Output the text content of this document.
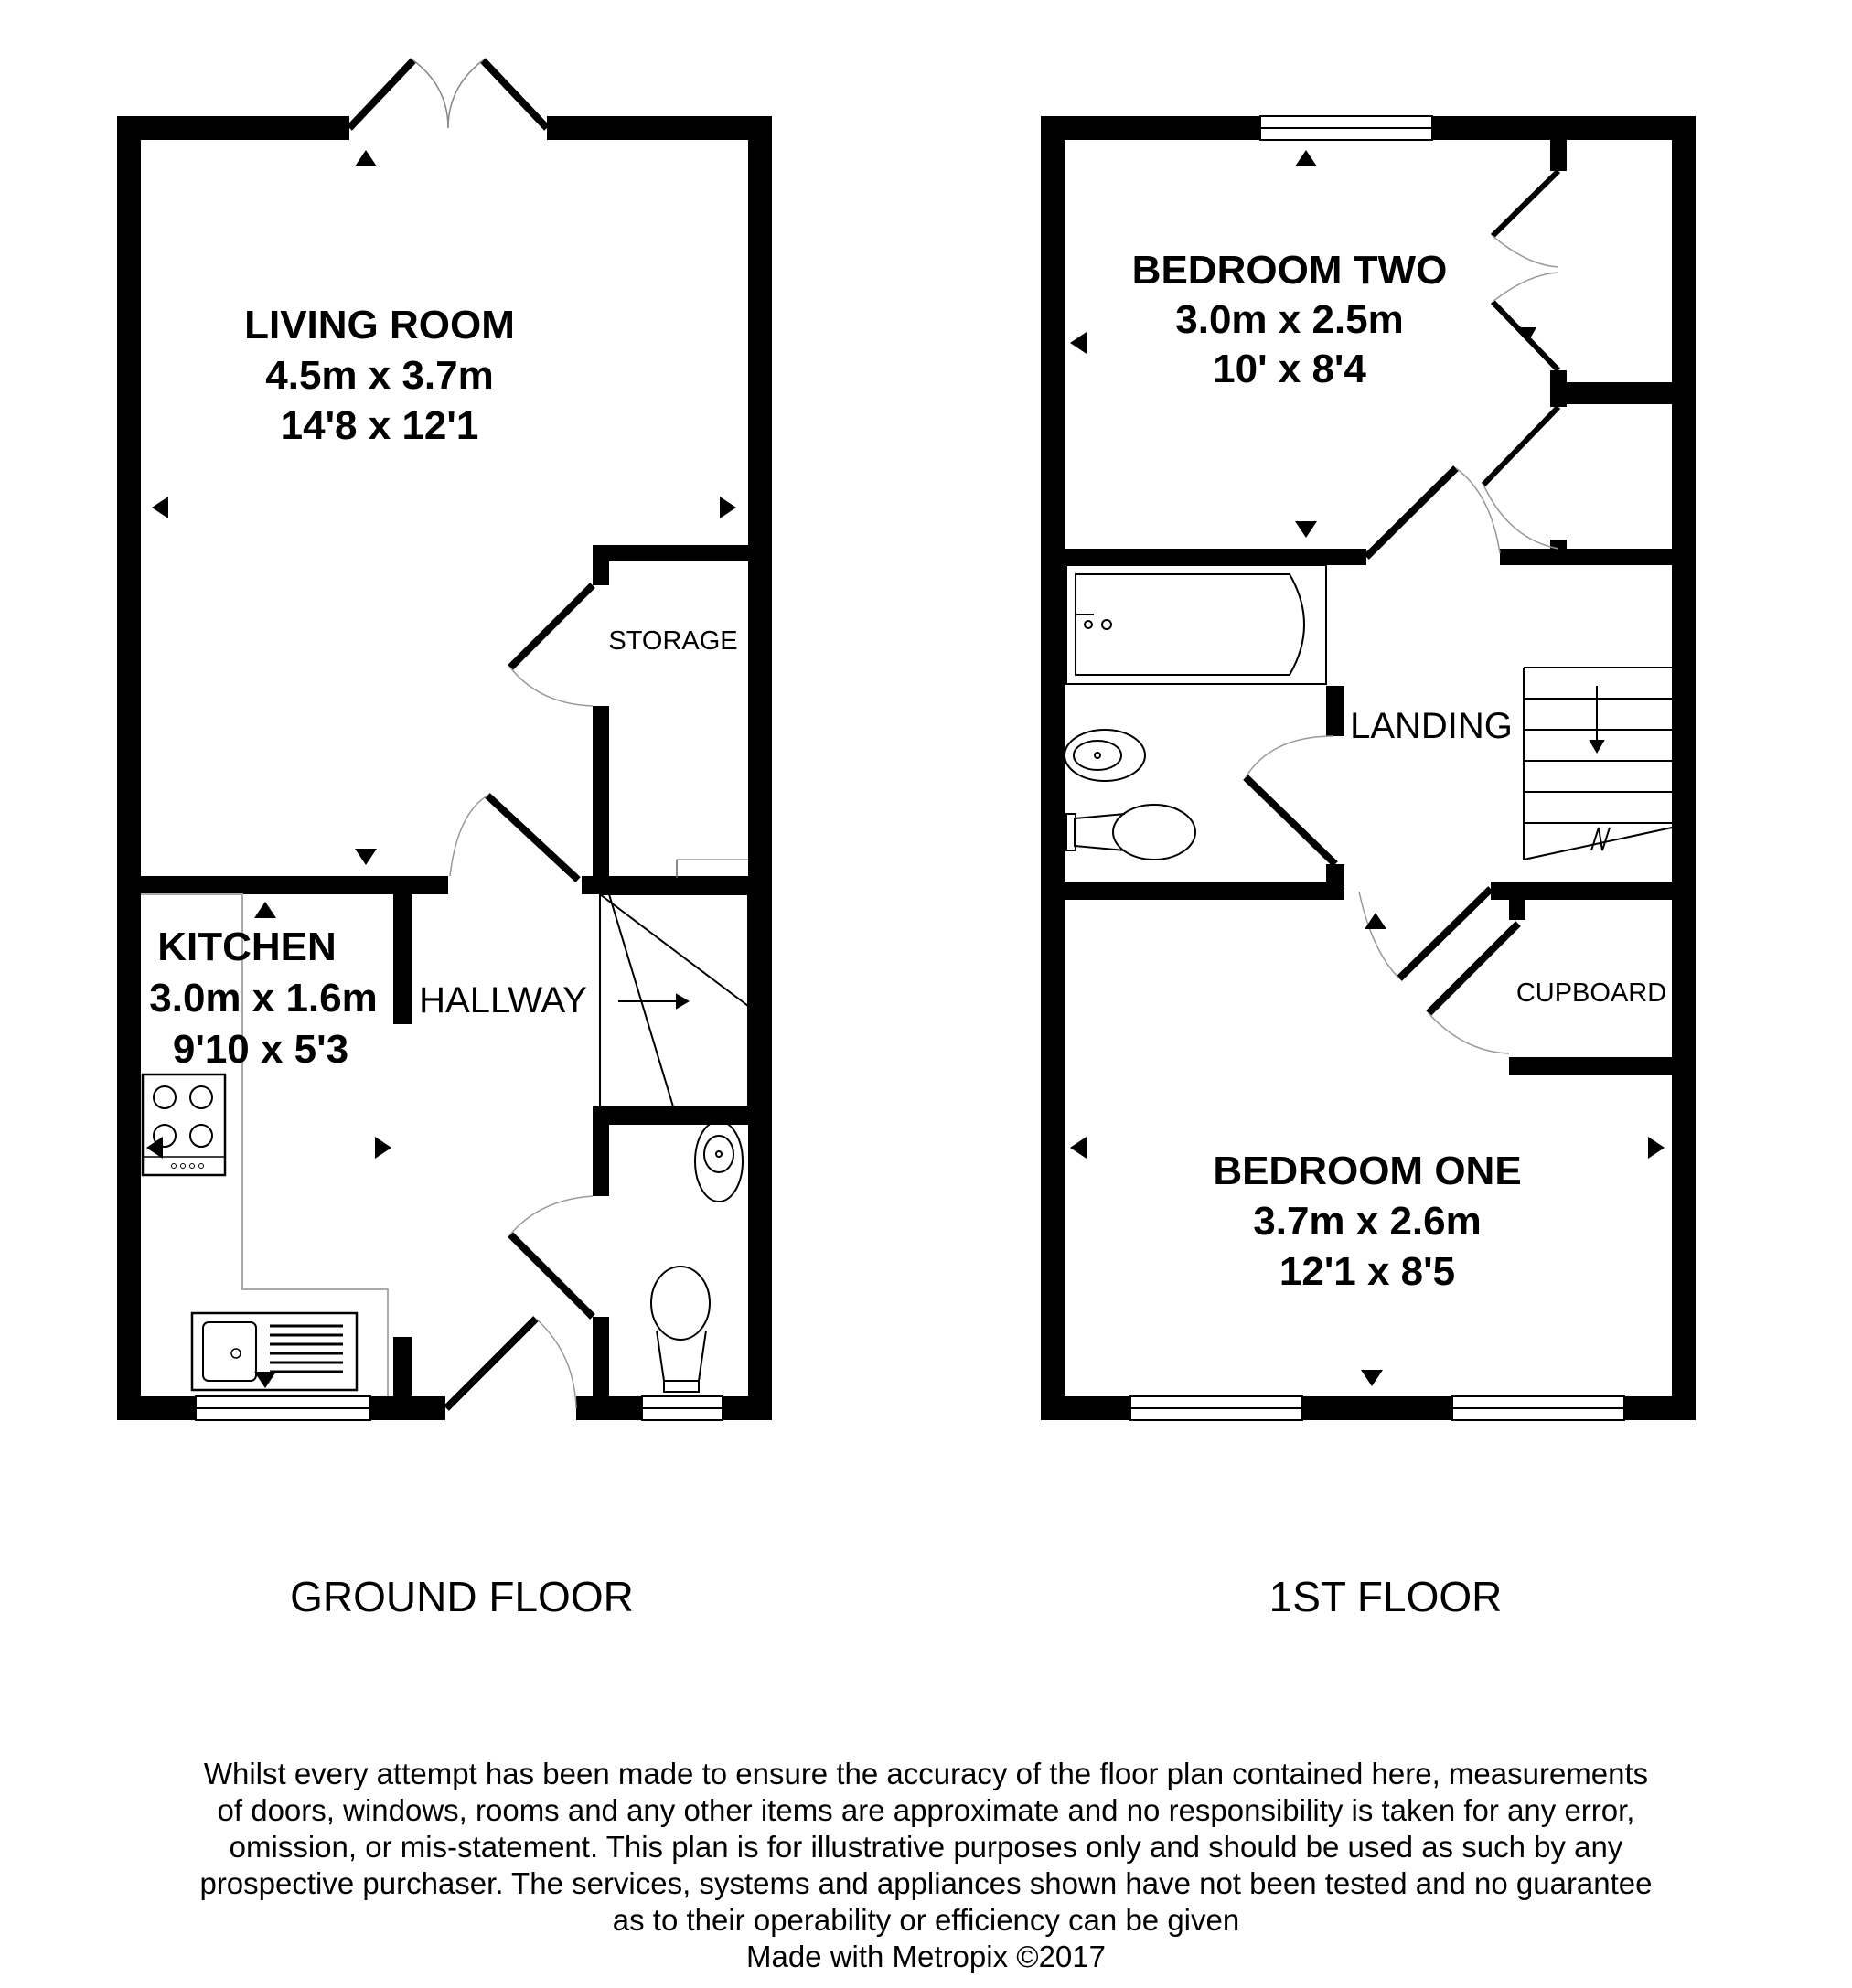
LIVING ROOM
4.5m x 3.7m
14'8 x 12'1
STORAGE
KITCHEN
3.0m x 1.6m
9'10 x 5'3
HALLWAY
GROUND FLOOR
BEDROOM TWO
3.0m x 2.5m
10' x 8'4
LANDING
CUPBOARD
BEDROOM ONE
3.7m x 2.6m
12'1 x 8'5
1ST FLOOR
Whilst every attempt has been made to ensure the accuracy of the floor plan contained here, measurements
of doors, windows, rooms and any other items are approximate and no responsibility is taken for any error,
omission, or mis-statement. This plan is for illustrative purposes only and should be used as such by any
prospective purchaser. The services, systems and appliances shown have not been tested and no guarantee
as to their operability or efficiency can be given
Made with Metropix ©2017
